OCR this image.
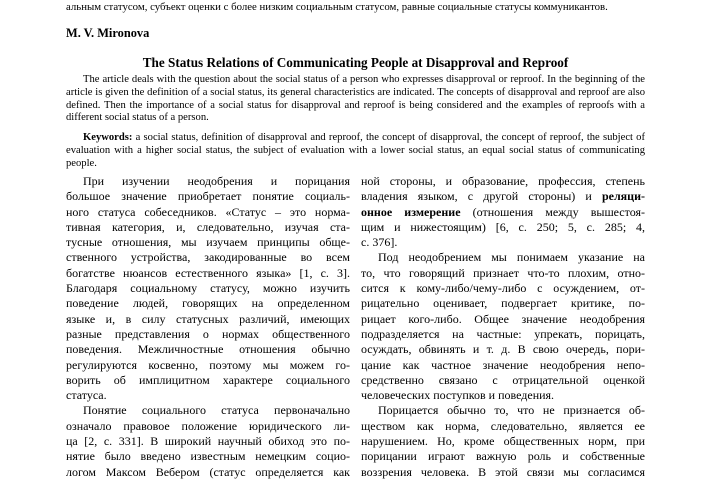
альным статусом, субъект оценки с более низким социальным статусом, равные социальные статусы коммуникантов.
M. V. Mironova
The Status Relations of Communicating People at Disapproval and Reproof
The article deals with the question about the social status of a person who expresses disapproval or reproof. In the beginning of the article is given the definition of a social status, its general characteristics are indicated. The concepts of disapproval and reproof are also defined. Then the importance of a social status for disapproval and reproof is being considered and the examples of reproofs with a different social status of a person.
Keywords: a social status, definition of disapproval and reproof, the concept of disapproval, the concept of reproof, the subject of evaluation with a higher social status, the subject of evaluation with a lower social status, an equal social status of communicating people.
При изучении неодобрения и порицания
большое значение приобретает понятие социаль-
ного статуса собеседников. «Статус – это норма-
тивная категория, и, следовательно, изучая ста-
тусные отношения, мы изучаем принципы обще-
ственного устройства, закодированные во всем
богатстве нюансов естественного языка» [1, с. 3].
Благодаря социальному статусу, можно изучить
поведение людей, говорящих на определенном
языке и, в силу статусных различий, имеющих
разные представления о нормах общественного
поведения. Межличностные отношения обычно
регулируются косвенно, поэтому мы можем го-
ворить об имплицитном характере социального
статуса.
Понятие социального статуса первоначально
означало правовое положение юридического ли-
ца [2, с. 331]. В широкий научный обиход это по-
нятие было введено известным немецким социо-
логом Максом Вебером (статус определяется как
ной стороны, и образование, профессия, степень
владения языком, с другой стороны) и реляци-
онное измерение (отношения между вышестоя-
щим и нижестоящим) [6, с. 250; 5, с. 285; 4,
с. 376].
Под неодобрением мы понимаем указание на
то, что говорящий признает что-то плохим, отно-
сится к кому-либо/чему-либо с осуждением, от-
рицательно оценивает, подвергает критике, по-
рицает кого-либо. Общее значение неодобрения
подразделяется на частные: упрекать, порицать,
осуждать, обвинять и т. д. В свою очередь, пори-
цание как частное значение неодобрения непо-
средственно связано с отрицательной оценкой
человеческих поступков и поведения.
Порицается обычно то, что не признается об-
ществом как норма, следовательно, является ее
нарушением. Но, кроме общественных норм, при
порицании играют важную роль и собственные
воззрения человека. В этой связи мы согласимся
